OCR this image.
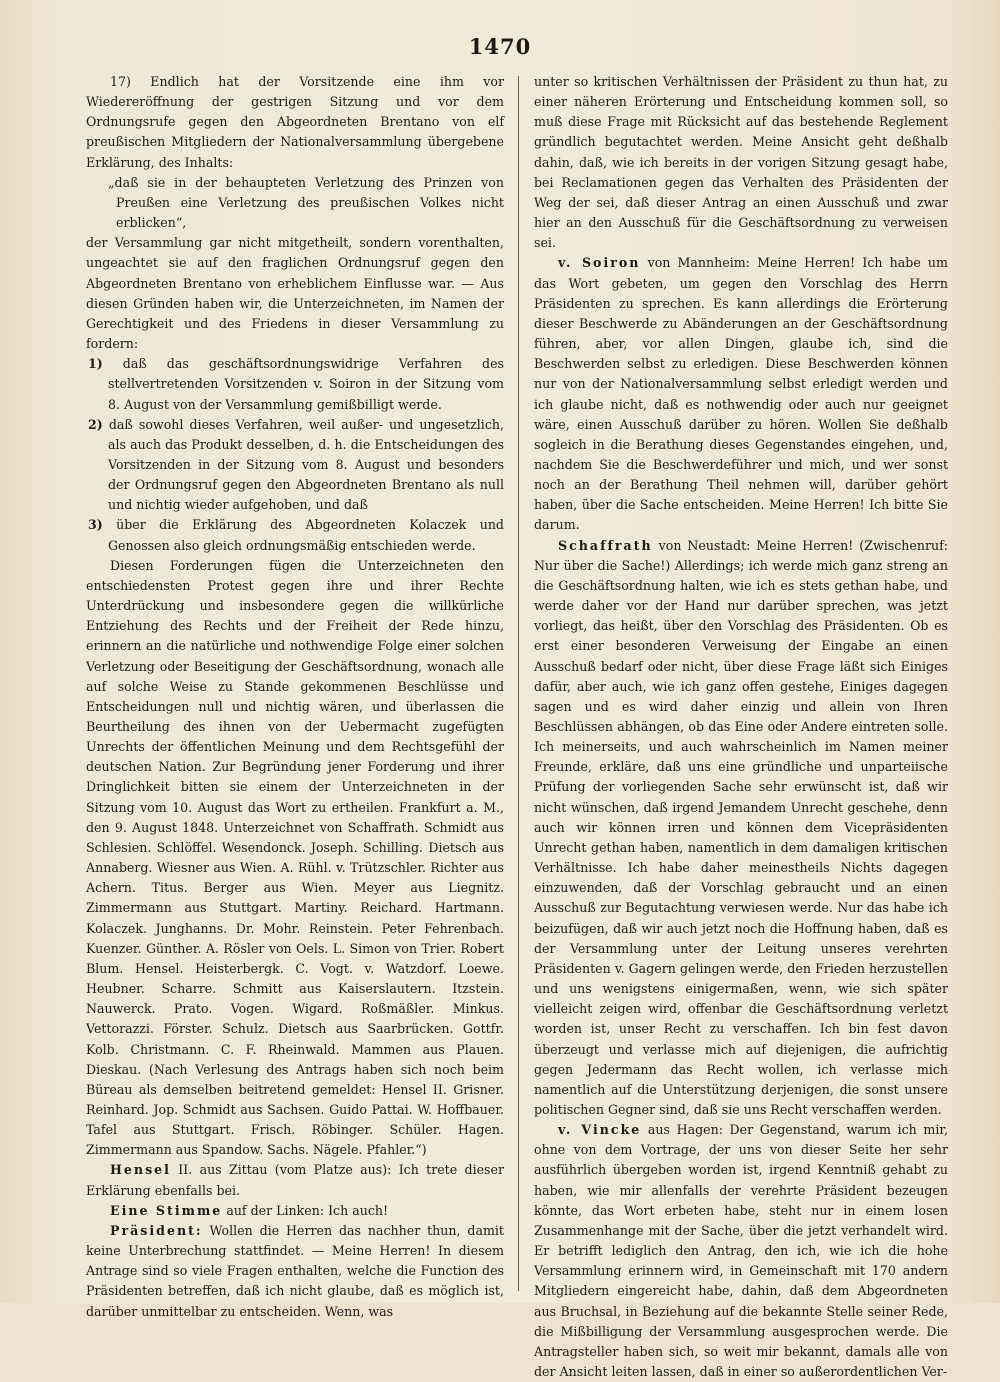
1470

17) Endlich hat der Vorsitzende eine ihm vor Wiedereröffnung der gestrigen Sitzung und vor dem Ordnungsrufe gegen den Abgeordneten Brentano von elf preußischen Mitgliedern der Nationalversammlung übergebene Erklärung, des Inhalts:

„daß sie in der behaupteten Verletzung des Prinzen von Preußen eine Verletzung des preußischen Volkes nicht erblicken“,

der Versammlung gar nicht mitgetheilt, sondern vorenthalten, ungeachtet sie auf den fraglichen Ordnungsruf gegen den Abgeordneten Brentano von erheblichem Einflusse war. — Aus diesen Gründen haben wir, die Unterzeichneten, im Namen der Gerechtigkeit und des Friedens in dieser Versammlung zu fordern:

1) daß das geschäftsordnungswidrige Verfahren des stellvertretenden Vorsitzenden v. Soiron in der Sitzung vom 8. August von der Versammlung gemißbilligt werde.

2) daß sowohl dieses Verfahren, weil außer- und ungesetzlich, als auch das Produkt desselben, d. h. die Entscheidungen des Vorsitzenden in der Sitzung vom 8. August und besonders der Ordnungsruf gegen den Abgeordneten Brentano als null und nichtig wieder aufgehoben, und daß

3) über die Erklärung des Abgeordneten Kolaczek und Genossen also gleich ordnungsmäßig entschieden werde.

Diesen Forderungen fügen die Unterzeichneten den entschiedensten Protest gegen ihre und ihrer Rechte Unterdrückung und insbesondere gegen die willkürliche Entziehung des Rechts und der Freiheit der Rede hinzu, erinnern an die natürliche und nothwendige Folge einer solchen Verletzung oder Beseitigung der Geschäftsordnung, wonach alle auf solche Weise zu Stande gekommenen Beschlüsse und Entscheidungen null und nichtig wären, und überlassen die Beurtheilung des ihnen von der Uebermacht zugefügten Unrechts der öffentlichen Meinung und dem Rechtsgefühl der deutschen Nation. Zur Begründung jener Forderung und ihrer Dringlichkeit bitten sie einem der Unterzeichneten in der Sitzung vom 10. August das Wort zu ertheilen. Frankfurt a. M., den 9. August 1848. Unterzeichnet von Schaffrath. Schmidt aus Schlesien. Schlöffel. Wesendonck. Joseph. Schilling. Dietsch aus Annaberg. Wiesner aus Wien. A. Rühl. v. Trützschler. Richter aus Achern. Titus. Berger aus Wien. Meyer aus Liegnitz. Zimmermann aus Stuttgart. Martiny. Reichard. Hartmann. Kolaczek. Junghanns. Dr. Mohr. Reinstein. Peter Fehrenbach. Kuenzer. Günther. A. Rösler von Oels. L. Simon von Trier. Robert Blum. Hensel. Heisterbergk. C. Vogt. v. Watzdorf. Loewe. Heubner. Scharre. Schmitt aus Kaiserslautern. Itzstein. Nauwerck. Prato. Vogen. Wigard. Roßmäßler. Minkus. Vettorazzi. Förster. Schulz. Dietsch aus Saarbrücken. Gottfr. Kolb. Christmann. C. F. Rheinwald. Mammen aus Plauen. Dieskau. (Nach Verlesung des Antrags haben sich noch beim Büreau als demselben beitretend gemeldet: Hensel II. Grisner. Reinhard. Jop. Schmidt aus Sachsen. Guido Pattai. W. Hoffbauer. Tafel aus Stuttgart. Frisch. Röbinger. Schüler. Hagen. Zimmermann aus Spandow. Sachs. Nägele. Pfahler.“)

Hensel II. aus Zittau (vom Platze aus): Ich trete dieser Erklärung ebenfalls bei.

Eine Stimme auf der Linken: Ich auch!

Präsident: Wollen die Herren das nachher thun, damit keine Unterbrechung stattfindet. — Meine Herren! In diesem Antrage sind so viele Fragen enthalten, welche die Function des Präsidenten betreffen, daß ich nicht glaube, daß es möglich ist, darüber unmittelbar zu entscheiden. Wenn, was

unter so kritischen Verhältnissen der Präsident zu thun hat, zu einer näheren Erörterung und Entscheidung kommen soll, so muß diese Frage mit Rücksicht auf das bestehende Reglement gründlich begutachtet werden. Meine Ansicht geht deßhalb dahin, daß, wie ich bereits in der vorigen Sitzung gesagt habe, bei Reclamationen gegen das Verhalten des Präsidenten der Weg der sei, daß dieser Antrag an einen Ausschuß und zwar hier an den Ausschuß für die Geschäftsordnung zu verweisen sei.

v. Soiron von Mannheim: Meine Herren! Ich habe um das Wort gebeten, um gegen den Vorschlag des Herrn Präsidenten zu sprechen. Es kann allerdings die Erörterung dieser Beschwerde zu Abänderungen an der Geschäftsordnung führen, aber, vor allen Dingen, glaube ich, sind die Beschwerden selbst zu erledigen. Diese Beschwerden können nur von der Nationalversammlung selbst erledigt werden und ich glaube nicht, daß es nothwendig oder auch nur geeignet wäre, einen Ausschuß darüber zu hören. Wollen Sie deßhalb sogleich in die Berathung dieses Gegenstandes eingehen, und, nachdem Sie die Beschwerdeführer und mich, und wer sonst noch an der Berathung Theil nehmen will, darüber gehört haben, über die Sache entscheiden. Meine Herren! Ich bitte Sie darum.

Schaffrath von Neustadt: Meine Herren! (Zwischenruf: Nur über die Sache!) Allerdings; ich werde mich ganz streng an die Geschäftsordnung halten, wie ich es stets gethan habe, und werde daher vor der Hand nur darüber sprechen, was jetzt vorliegt, das heißt, über den Vorschlag des Präsidenten. Ob es erst einer besonderen Verweisung der Eingabe an einen Ausschuß bedarf oder nicht, über diese Frage läßt sich Einiges dafür, aber auch, wie ich ganz offen gestehe, Einiges dagegen sagen und es wird daher einzig und allein von Ihren Beschlüssen abhängen, ob das Eine oder Andere eintreten solle. Ich meinerseits, und auch wahrscheinlich im Namen meiner Freunde, erkläre, daß uns eine gründliche und unparteiische Prüfung der vorliegenden Sache sehr erwünscht ist, daß wir nicht wünschen, daß irgend Jemandem Unrecht geschehe, denn auch wir können irren und können dem Vicepräsidenten Unrecht gethan haben, namentlich in dem damaligen kritischen Verhältnisse. Ich habe daher meinestheils Nichts dagegen einzuwenden, daß der Vorschlag gebraucht und an einen Ausschuß zur Begutachtung verwiesen werde. Nur das habe ich beizufügen, daß wir auch jetzt noch die Hoffnung haben, daß es der Versammlung unter der Leitung unseres verehrten Präsidenten v. Gagern gelingen werde, den Frieden herzustellen und uns wenigstens einigermaßen, wenn, wie sich später vielleicht zeigen wird, offenbar die Geschäftsordnung verletzt worden ist, unser Recht zu verschaffen. Ich bin fest davon überzeugt und verlasse mich auf diejenigen, die aufrichtig gegen Jedermann das Recht wollen, ich verlasse mich namentlich auf die Unterstützung derjenigen, die sonst unsere politischen Gegner sind, daß sie uns Recht verschaffen werden.

v. Vincke aus Hagen: Der Gegenstand, warum ich mir, ohne von dem Vortrage, der uns von dieser Seite her sehr ausführlich übergeben worden ist, irgend Kenntniß gehabt zu haben, wie mir allenfalls der verehrte Präsident bezeugen könnte, das Wort erbeten habe, steht nur in einem losen Zusammenhange mit der Sache, über die jetzt verhandelt wird. Er betrifft lediglich den Antrag, den ich, wie ich die hohe Versammlung erinnern wird, in Gemeinschaft mit 170 andern Mitgliedern eingereicht habe, dahin, daß dem Abgeordneten aus Bruchsal, in Beziehung auf die bekannte Stelle seiner Rede, die Mißbilligung der Versammlung ausgesprochen werde. Die Antragsteller haben sich, so weit mir bekannt, damals alle von der Ansicht leiten lassen, daß in einer so außerordentlichen Ver-
